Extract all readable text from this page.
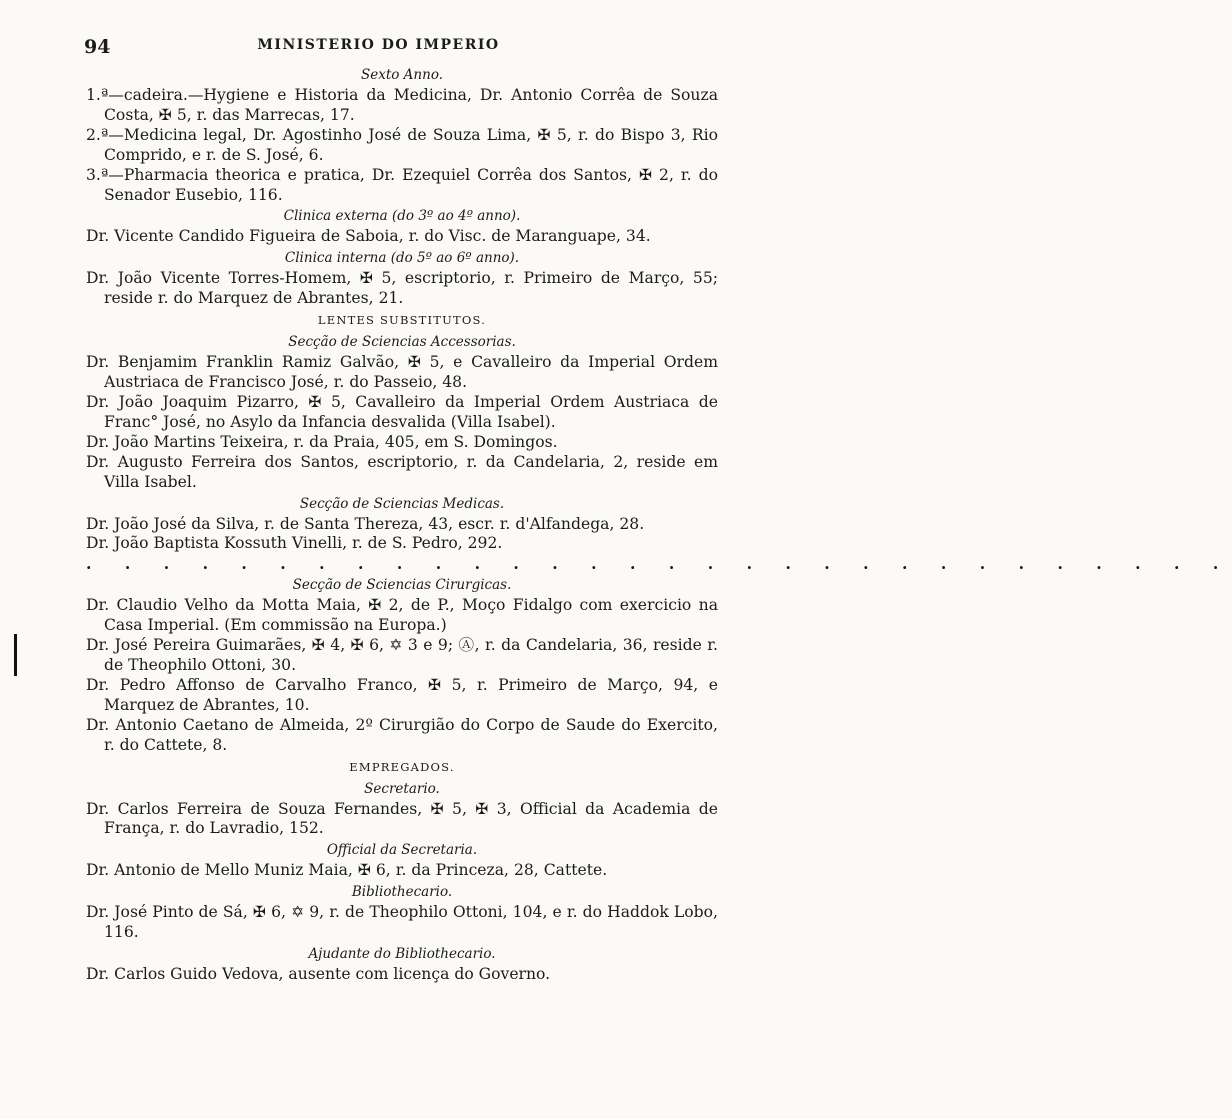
94	MINISTERIO DO IMPERIO
Sexto Anno.

1.ª—cadeira.—Hygiene e Historia da Medicina, Dr. Antonio Corrêa de Souza Costa, ✠ 5, r. das Marrecas, 17.

2.ª—Medicina legal, Dr. Agostinho José de Souza Lima, ✠ 5, r. do Bispo 3, Rio Comprido, e r. de S. José, 6.

3.ª—Pharmacia theorica e pratica, Dr. Ezequiel Corrêa dos Santos, ✠ 2, r. do Senador Eusebio, 116.

Clinica externa (do 3º ao 4º anno).

Dr. Vicente Candido Figueira de Saboia, r. do Visc. de Maranguape, 34.

Clinica interna (do 5º ao 6º anno).

Dr. João Vicente Torres-Homem, ✠ 5, escriptorio, r. Primeiro de Março, 55; reside r. do Marquez de Abrantes, 21.

LENTES SUBSTITUTOS.
Secção de Sciencias Accessorias.

Dr. Benjamim Franklin Ramiz Galvão, ✠ 5, e Cavalleiro da Imperial Ordem Austriaca de Francisco José, r. do Passeio, 48.

Dr. João Joaquim Pizarro, ✠ 5, Cavalleiro da Imperial Ordem Austriaca de Franc° José, no Asylo da Infancia desvalida (Villa Isabel).

Dr. João Martins Teixeira, r. da Praia, 405, em S. Domingos.

Dr. Augusto Ferreira dos Santos, escriptorio, r. da Candelaria, 2, reside em Villa Isabel.

Secção de Sciencias Medicas.

Dr. João José da Silva, r. de Santa Thereza, 43, escr. r. d'Alfandega, 28.

Dr. João Baptista Kossuth Vinelli, r. de S. Pedro, 292.

. . . . . . . . . . . . . . . . . . . . . . . . . . . . . .
Secção de Sciencias Cirurgicas.

Dr. Claudio Velho da Motta Maia, ✠ 2, de P., Moço Fidalgo com exercicio na Casa Imperial. (Em commissão na Europa.)

Dr. José Pereira Guimarães, ✠ 4, ✠ 6, ✡ 3 e 9; Ⓐ, r. da Candelaria, 36, reside r. de Theophilo Ottoni, 30.

Dr. Pedro Affonso de Carvalho Franco, ✠ 5, r. Primeiro de Março, 94, e Marquez de Abrantes, 10.

Dr. Antonio Caetano de Almeida, 2º Cirurgião do Corpo de Saude do Exercito, r. do Cattete, 8.

EMPREGADOS.
Secretario.

Dr. Carlos Ferreira de Souza Fernandes, ✠ 5, ✠ 3, Official da Academia de França, r. do Lavradio, 152.

Official da Secretaria.

Dr. Antonio de Mello Muniz Maia, ✠ 6, r. da Princeza, 28, Cattete.

Bibliothecario.

Dr. José Pinto de Sá, ✠ 6, ✡ 9, r. de Theophilo Ottoni, 104, e r. do Haddok Lobo, 116.

Ajudante do Bibliothecario.

Dr. Carlos Guido Vedova, ausente com licença do Governo.
